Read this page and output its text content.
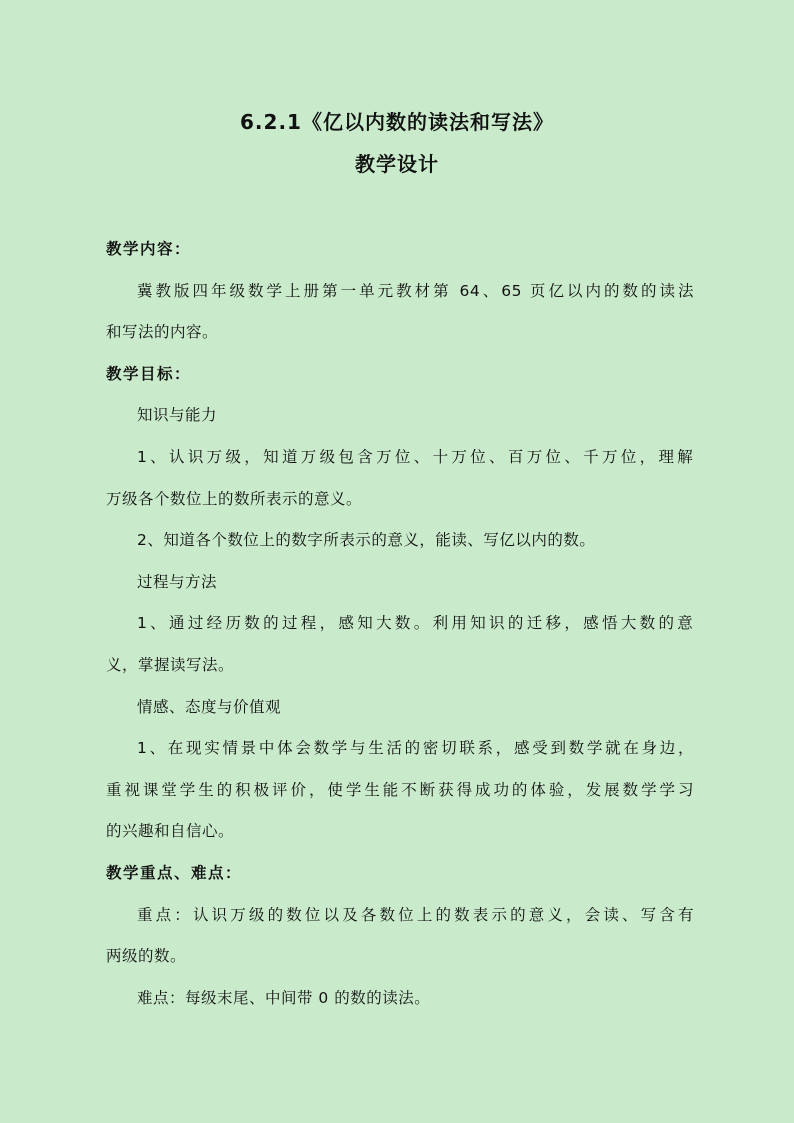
6.2.1《亿以内数的读法和写法》
教学设计
教学内容：
冀教版四年级数学上册第一单元教材第 64、65 页亿以内的数的读法
和写法的内容。
教学目标：
知识与能力
1、认识万级，知道万级包含万位、十万位、百万位、千万位，理解
万级各个数位上的数所表示的意义。
2、知道各个数位上的数字所表示的意义，能读、写亿以内的数。
过程与方法
1、通过经历数的过程，感知大数。利用知识的迁移，感悟大数的意
义，掌握读写法。
情感、态度与价值观
1、在现实情景中体会数学与生活的密切联系，感受到数学就在身边，
重视课堂学生的积极评价，使学生能不断获得成功的体验，发展数学学习
的兴趣和自信心。
教学重点、难点：
重点：认识万级的数位以及各数位上的数表示的意义，会读、写含有
两级的数。
难点：每级末尾、中间带 0 的数的读法。
